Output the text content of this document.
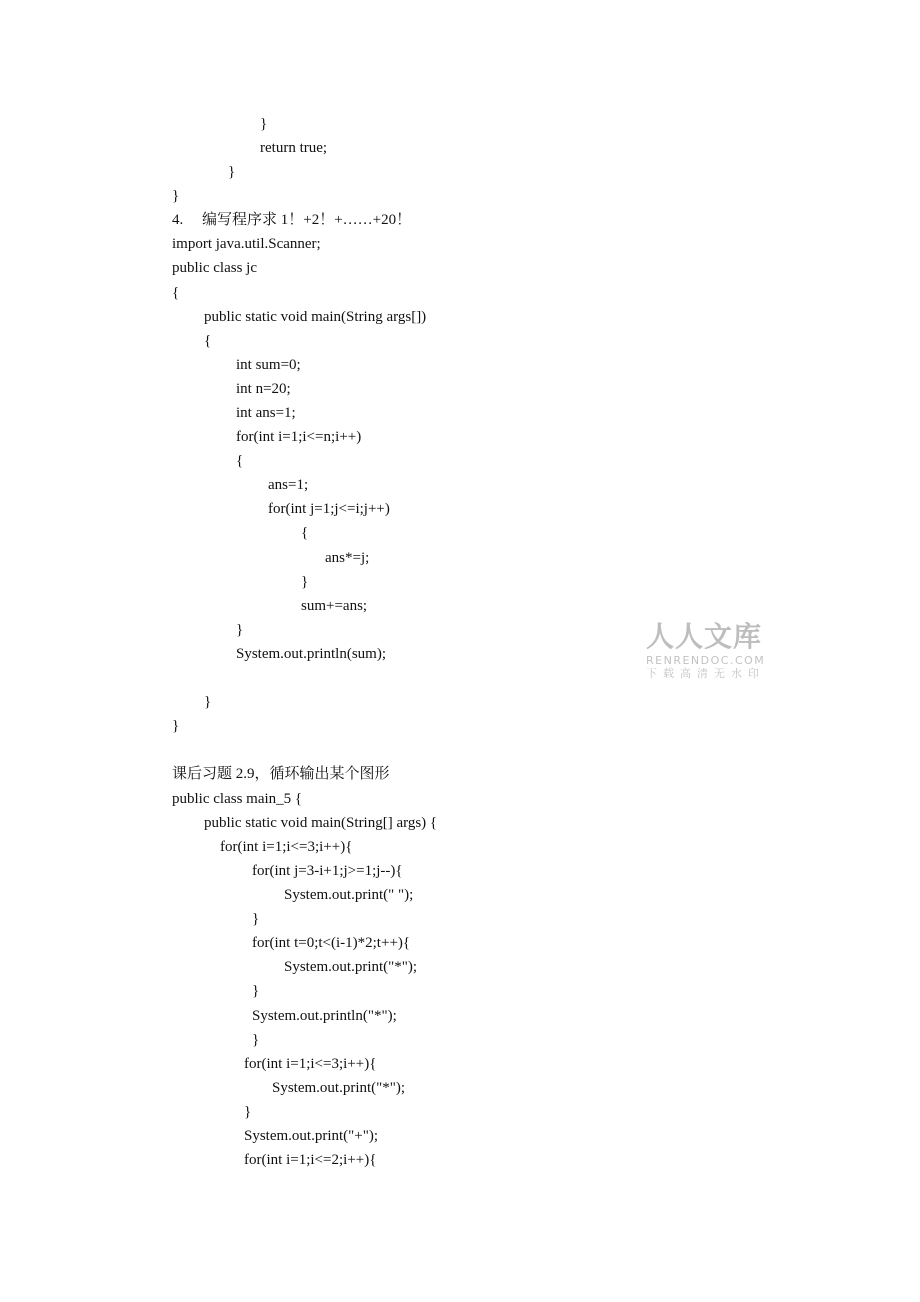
}
return true;
}
}
4.　 编写程序求 1！+2！+……+20！
import java.util.Scanner;
public class jc
{
public static void main(String args[])
{
int sum=0;
int n=20;
int ans=1;
for(int i=1;i<=n;i++)
{
ans=1;
for(int j=1;j<=i;j++)
{
ans*=j;
}
sum+=ans;
}
System.out.println(sum);
}
}
课后习题 2.9，循环输出某个图形
public class main_5 {
public static void main(String[] args) {
for(int i=1;i<=3;i++){
for(int j=3-i+1;j>=1;j--){
System.out.print(" ");
}
for(int t=0;t<(i-1)*2;t++){
System.out.print("*");
}
System.out.println("*");
}
for(int i=1;i<=3;i++){
System.out.print("*");
}
System.out.print("+");
for(int i=1;i<=2;i++){
人人文库
RENRENDOC.COM
下载高清无水印
